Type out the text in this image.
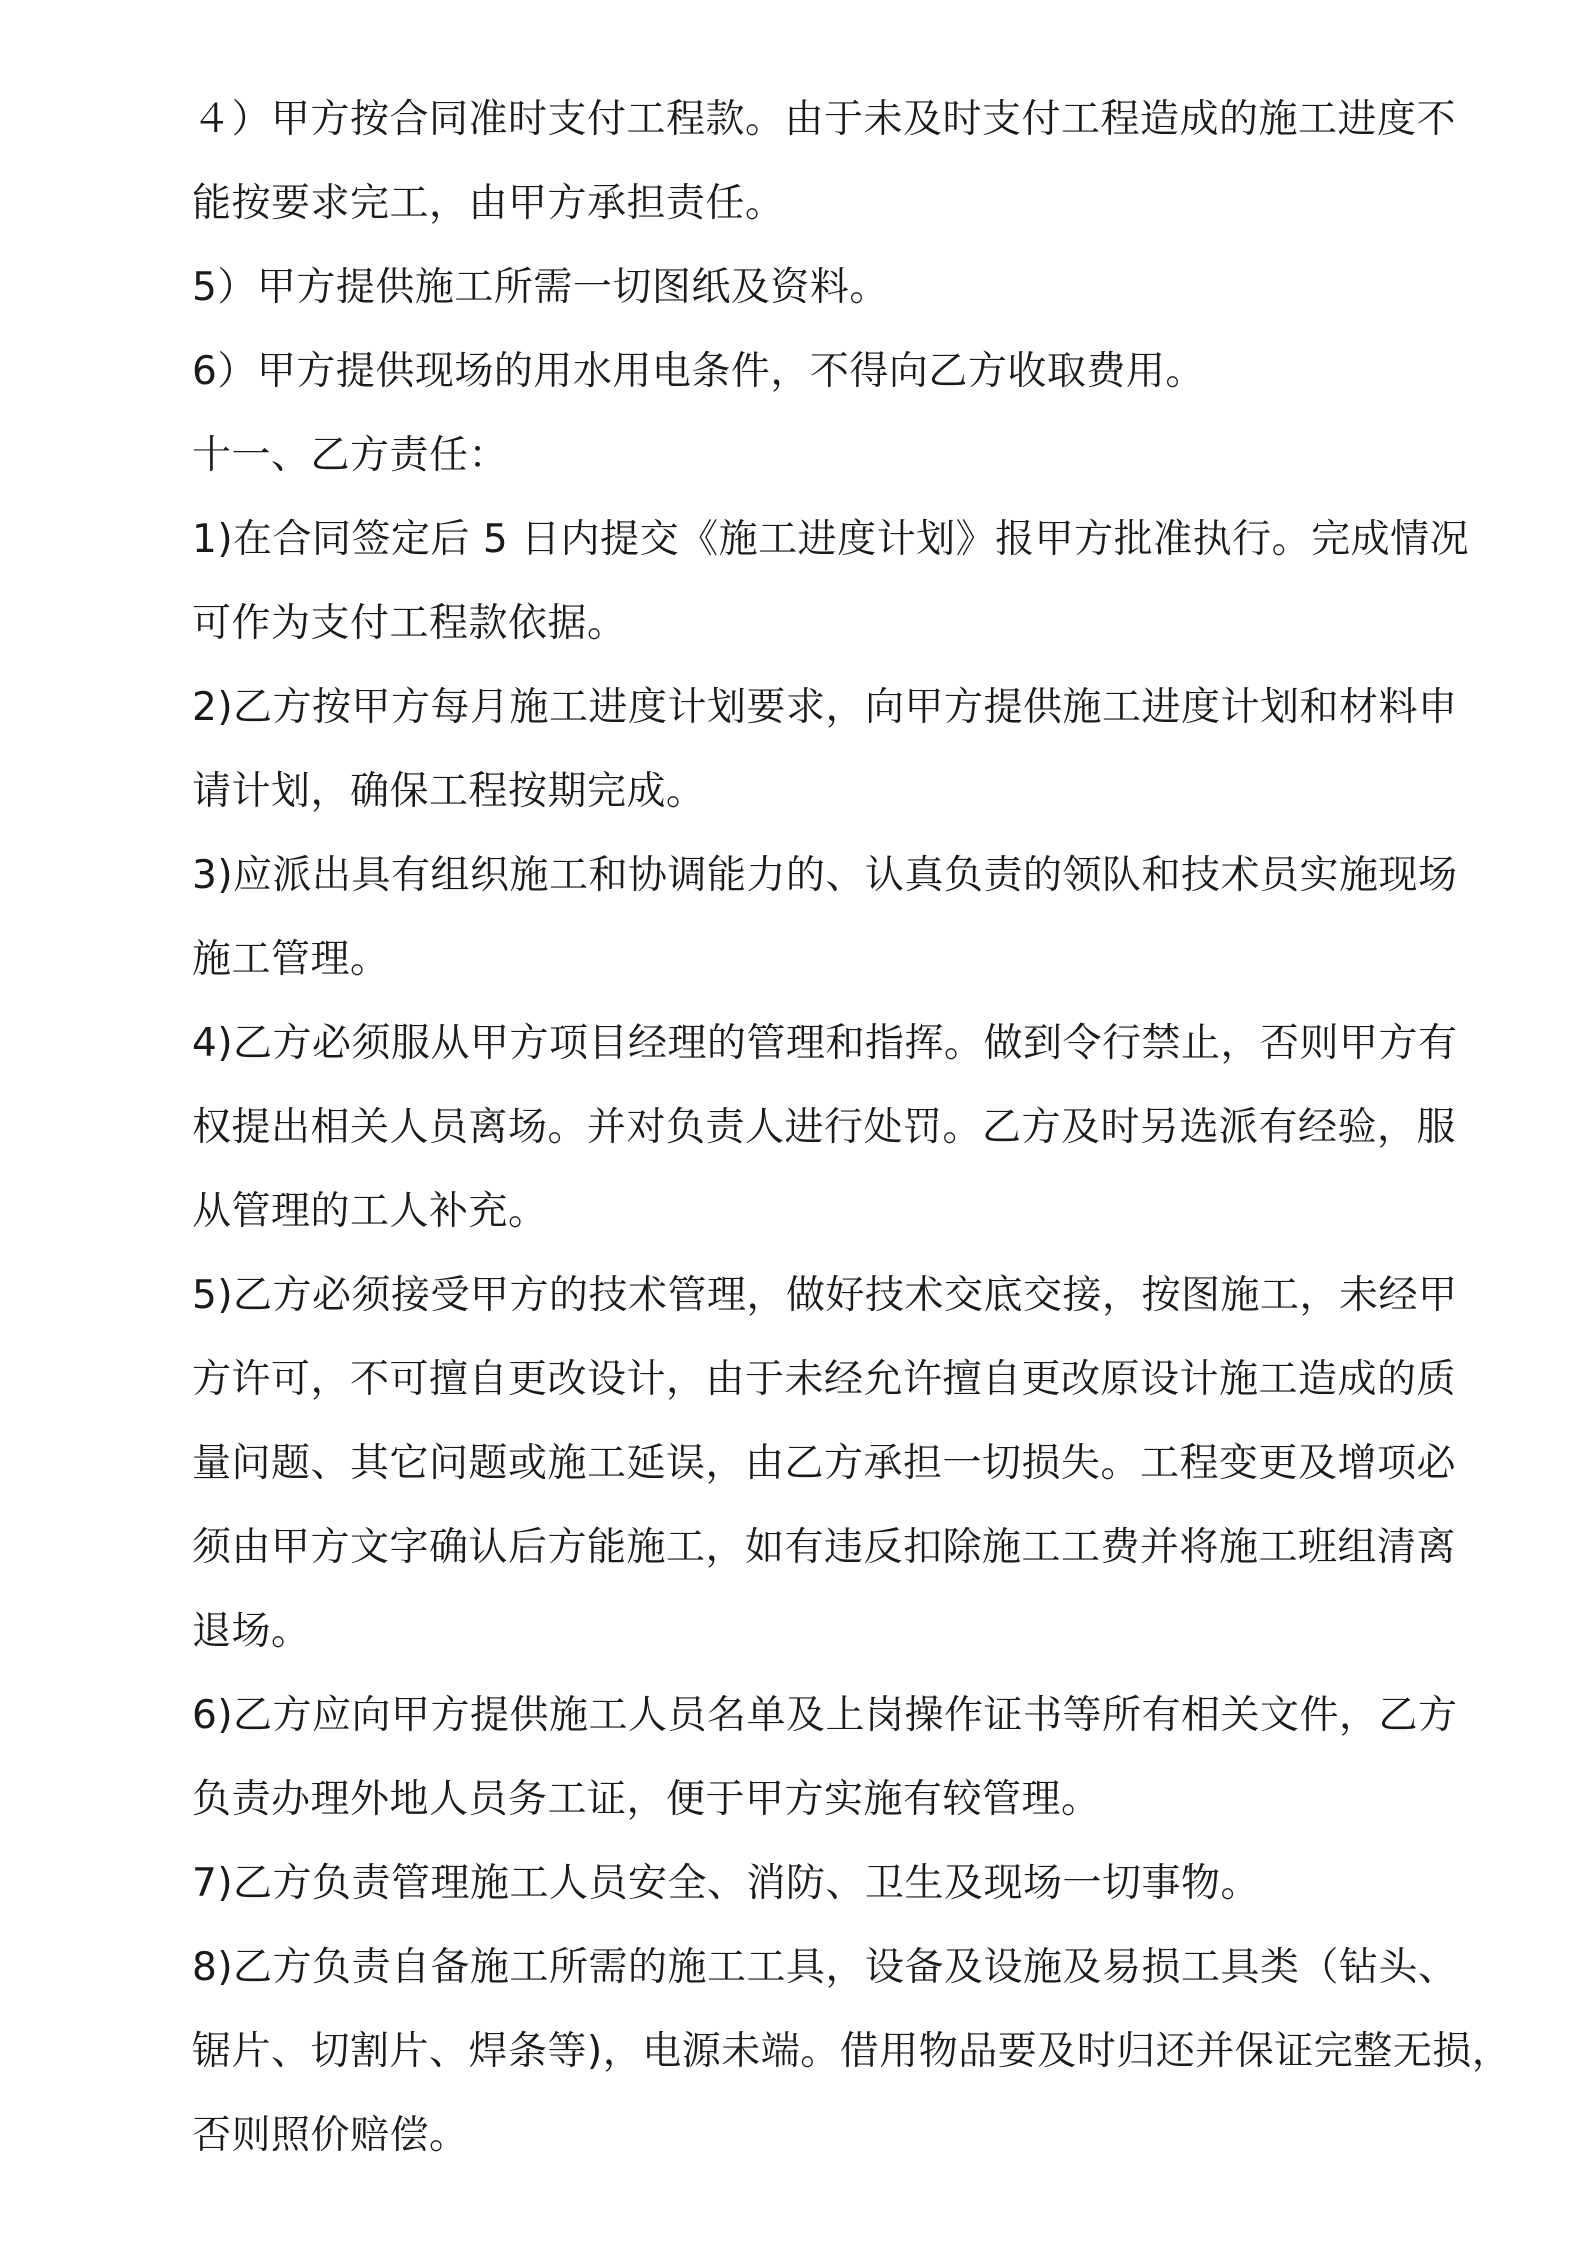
４）甲方按合同准时支付工程款。由于未及时支付工程造成的施工进度不
能按要求完工，由甲方承担责任。
5）甲方提供施工所需一切图纸及资料。
6）甲方提供现场的用水用电条件，不得向乙方收取费用。
十一、乙方责任：
1)在合同签定后 5 日内提交《施工进度计划》报甲方批准执行。完成情况
可作为支付工程款依据。
2)乙方按甲方每月施工进度计划要求，向甲方提供施工进度计划和材料申
请计划，确保工程按期完成。
3)应派出具有组织施工和协调能力的、认真负责的领队和技术员实施现场
施工管理。
4)乙方必须服从甲方项目经理的管理和指挥。做到令行禁止，否则甲方有
权提出相关人员离场。并对负责人进行处罚。乙方及时另选派有经验，服
从管理的工人补充。
5)乙方必须接受甲方的技术管理，做好技术交底交接，按图施工，未经甲
方许可，不可擅自更改设计，由于未经允许擅自更改原设计施工造成的质
量问题、其它问题或施工延误，由乙方承担一切损失。工程变更及增项必
须由甲方文字确认后方能施工，如有违反扣除施工工费并将施工班组清离
退场。
6)乙方应向甲方提供施工人员名单及上岗操作证书等所有相关文件，乙方
负责办理外地人员务工证，便于甲方实施有较管理。
7)乙方负责管理施工人员安全、消防、卫生及现场一切事物。
8)乙方负责自备施工所需的施工工具，设备及设施及易损工具类（钻头、
锯片、切割片、焊条等)，电源未端。借用物品要及时归还并保证完整无损，
否则照价赔偿。
